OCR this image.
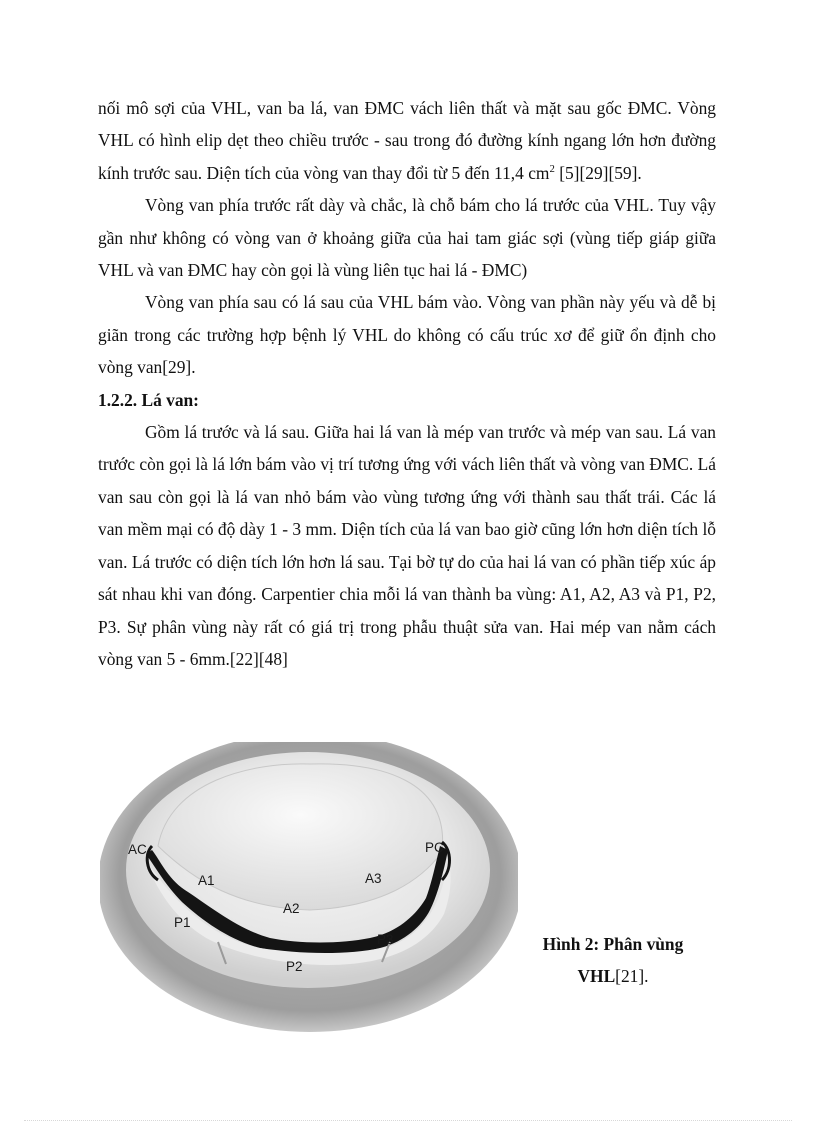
nối mô sợi của VHL, van ba lá, van ĐMC vách liên thất và mặt sau gốc ĐMC. Vòng VHL có hình elip dẹt theo chiều trước - sau trong đó đường kính ngang lớn hơn đường kính trước sau. Diện tích của vòng van thay đổi từ 5 đến 11,4 $cm^2$ [5][29][59].

Vòng van phía trước rất dày và chắc, là chỗ bám cho lá trước của VHL. Tuy vậy gần như không có vòng van ở khoảng giữa của hai tam giác sợi (vùng tiếp giáp giữa VHL và van ĐMC hay còn gọi là vùng liên tục hai lá - ĐMC)

Vòng van phía sau có lá sau của VHL bám vào. Vòng van phần này yếu và dễ bị giãn trong các trường hợp bệnh lý VHL do không có cấu trúc xơ để giữ ổn định cho vòng van[29].

1.2.2. Lá van:

Gồm lá trước và lá sau. Giữa hai lá van là mép van trước và mép van sau. Lá van trước còn gọi là lá lớn bám vào vị trí tương ứng với vách liên thất và vòng van ĐMC. Lá van sau còn gọi là lá van nhỏ bám vào vùng tương ứng với thành sau thất trái. Các lá van mềm mại có độ dày 1 - 3 mm. Diện tích của lá van bao giờ cũng lớn hơn diện tích lỗ van. Lá trước có diện tích lớn hơn lá sau. Tại bờ tự do của hai lá van có phần tiếp xúc áp sát nhau khi van đóng. Carpentier chia mỗi lá van thành ba vùng: A1, A2, A3 và P1, P2, P3. Sự phân vùng này rất có giá trị trong phẫu thuật sửa van. Hai mép van nằm cách vòng van 5 - 6mm.[22][48]

AC	PC
A1
A2
A3
P1
P2
P3	Hình 2: Phân vùng VHL[21].
